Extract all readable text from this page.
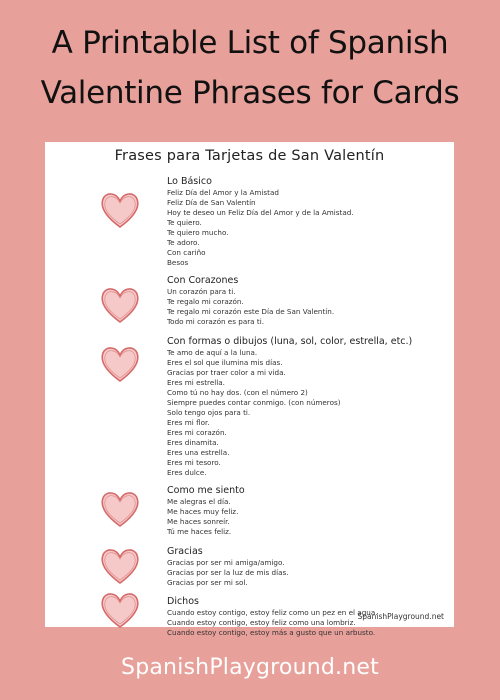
A Printable List of Spanish
Valentine Phrases for Cards
Frases para Tarjetas de San Valentín
Lo Básico
Feliz Día del Amor y la Amistad
Feliz Día de San Valentín
Hoy te deseo un Feliz Día del Amor y de la Amistad.
Te quiero.
Te quiero mucho.
Te adoro.
Con cariño
Besos
Con Corazones
Un corazón para ti.
Te regalo mi corazón.
Te regalo mi corazón este Día de San Valentín.
Todo mi corazón es para ti.
Con formas o dibujos (luna, sol, color, estrella, etc.)
Te amo de aquí a la luna.
Eres el sol que ilumina mis días.
Gracias por traer color a mi vida.
Eres mi estrella.
Como tú no hay dos. (con el número 2)
Siempre puedes contar conmigo. (con números)
Solo tengo ojos para ti.
Eres mi flor.
Eres mi corazón.
Eres dinamita.
Eres una estrella.
Eres mi tesoro.
Eres dulce.
Como me siento
Me alegras el día.
Me haces muy feliz.
Me haces sonreír.
Tú me haces feliz.
Gracias
Gracias por ser mi amiga/amigo.
Gracias por ser la luz de mis días.
Gracias por ser mi sol.
Dichos
Cuando estoy contigo, estoy feliz como un pez en el agua.
Cuando estoy contigo, estoy feliz como una lombriz.
Cuando estoy contigo, estoy más a gusto que un arbusto.
SpanishPlayground.net
SpanishPlayground.net
